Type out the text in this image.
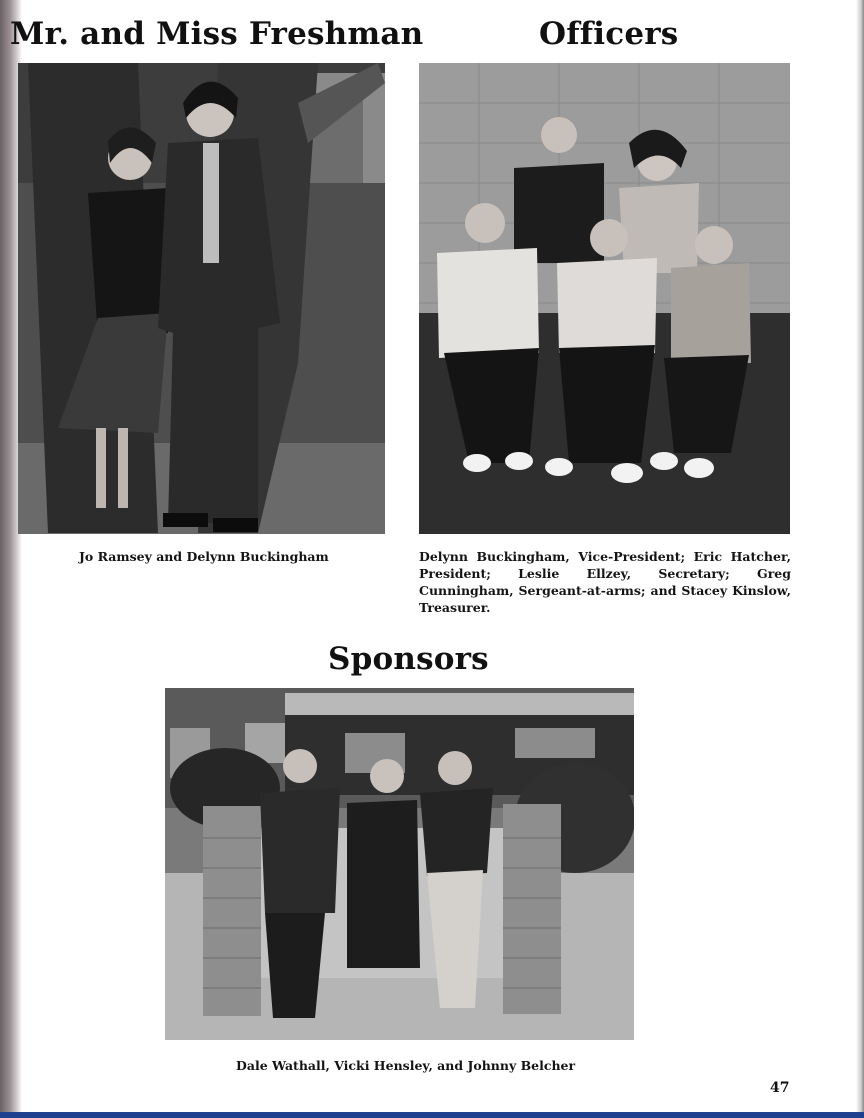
Mr. and Miss Freshman

Jo Ramsey and Delynn Buckingham

Officers

Delynn Buckingham, Vice-President; Eric Hatcher, President; Leslie Ellzey, Secretary; Greg Cunningham, Sergeant-at-arms; and Stacey Kinslow, Treasurer.

Sponsors

Dale Wathall, Vicki Hensley, and Johnny Belcher

47
